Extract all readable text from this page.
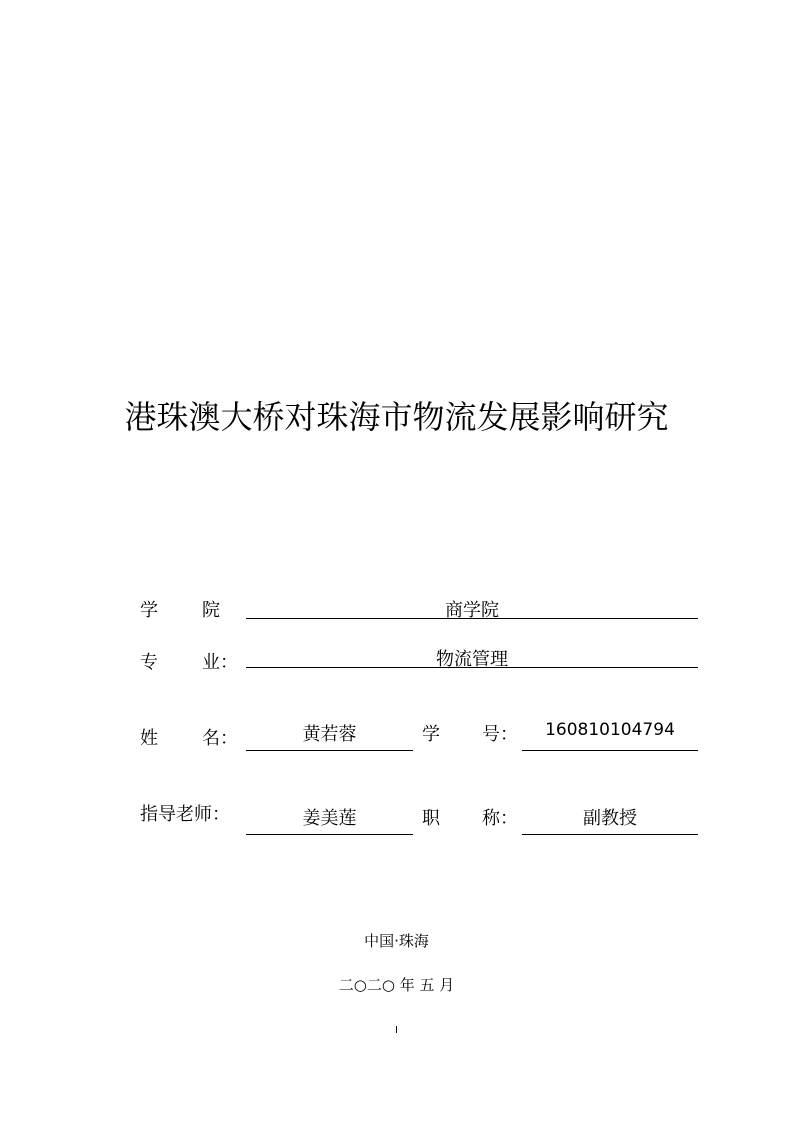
港珠澳大桥对珠海市物流发展影响研究
学 院	商学院
专 业：	物流管理
姓 名：	黄若蓉	学 号：	160810104794
指导老师：	姜美莲	职 称：	副教授
中国·珠海
二○二○ 年 五 月
I
